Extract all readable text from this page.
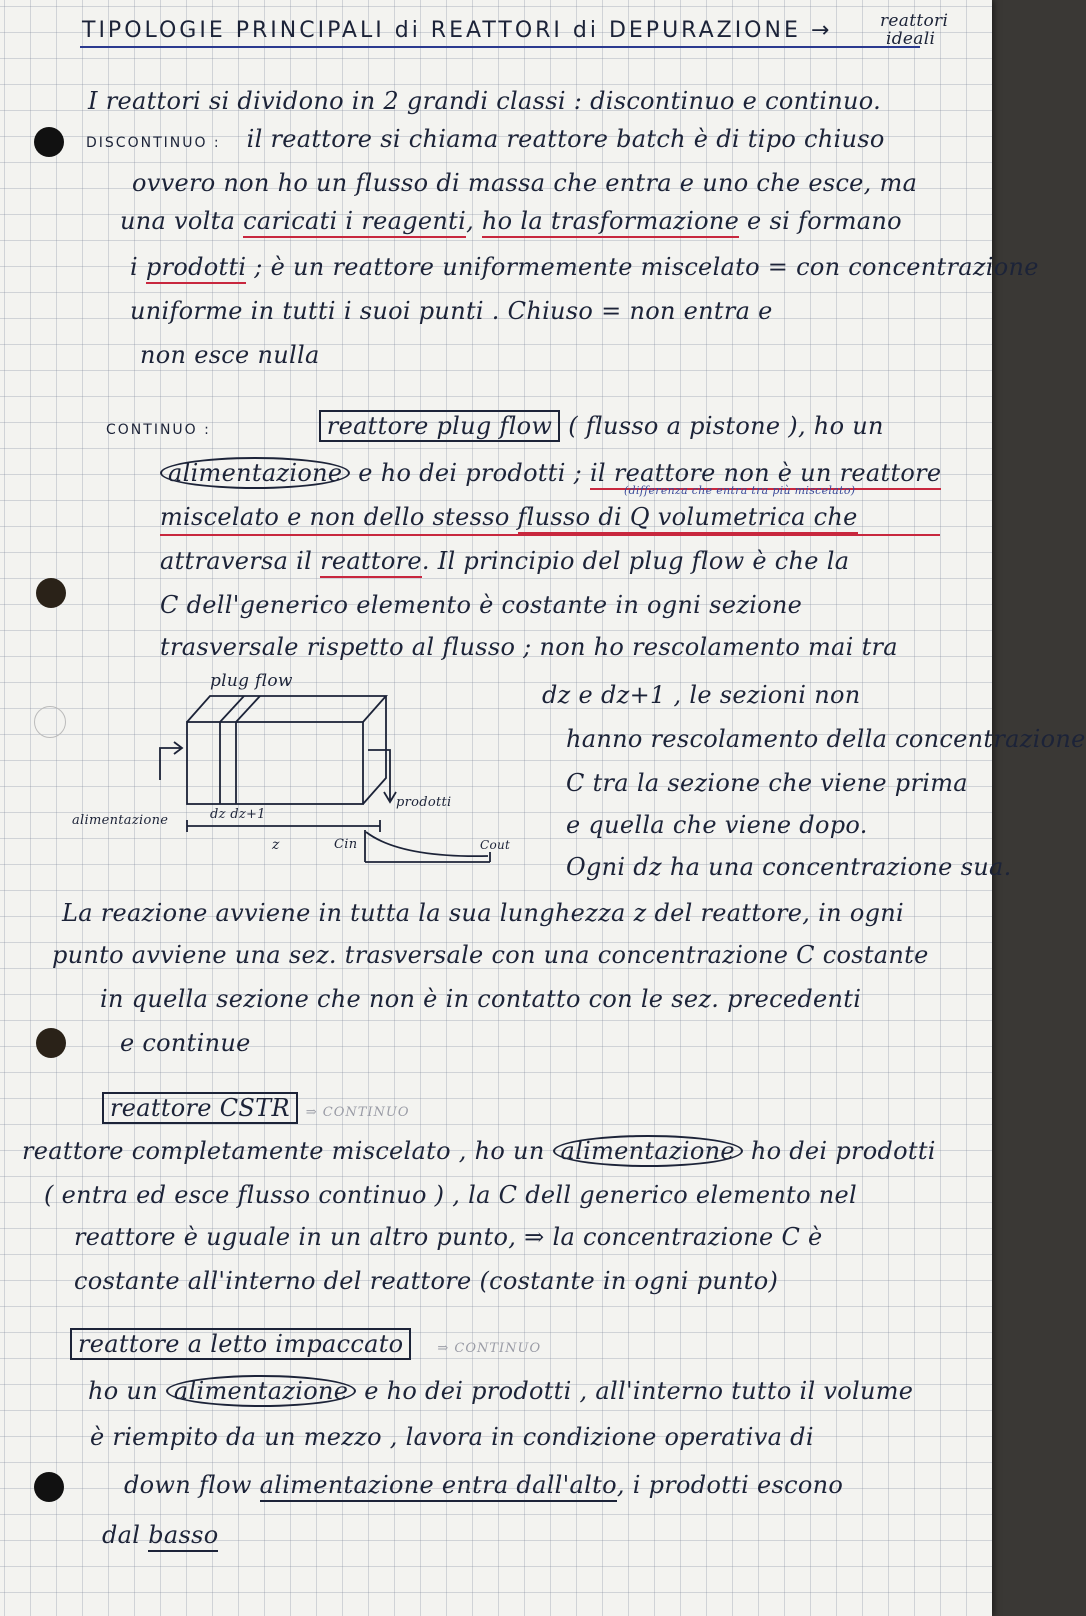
TIPOLOGIE PRINCIPALI di REATTORI di DEPURAZIONE →	reattori
ideali

I reattori si dividono in 2 grandi classi : discontinuo e continuo.

DISCONTINUO : il reattore si chiama reattore batch è di tipo chiuso

ovvero non ho un flusso di massa che entra e uno che esce, ma

una volta caricati i reagenti, ho la trasformazione e si formano

i prodotti ; è un reattore uniformemente miscelato = con concentrazione

uniforme in tutti i suoi punti . Chiuso = non entra e

non esce nulla

CONTINUO :	reattore plug flow ( flusso a pistone ), ho un

alimentazione e ho dei prodotti ; il reattore non è un reattore

(differenza che entra tra più miscelato)

miscelato e non dello stesso flusso di Q volumetrica che

attraversa il reattore. Il principio del plug flow è che la

C dell'generico elemento è costante in ogni sezione

trasversale rispetto al flusso ; non ho rescolamento mai tra

dz e dz+1 , le sezioni non

hanno rescolamento della concentrazione

C tra la sezione che viene prima

e quella che viene dopo.

Ogni dz ha una concentrazione sua.

plug flow
alimentazione
prodotti
dz dz+1
z	Cin	Cout

La reazione avviene in tutta la sua lunghezza z del reattore, in ogni

punto avviene una sez. trasversale con una concentrazione C costante

in quella sezione che non è in contatto con le sez. precedenti

e continue

reattore CSTR ⇒ CONTINUO

reattore completamente miscelato , ho un alimentazione ho dei prodotti

( entra ed esce flusso continuo ) , la C dell generico elemento nel

reattore è uguale in un altro punto, ⇒ la concentrazione C è

costante all'interno del reattore (costante in ogni punto)

reattore a letto impaccato	⇒ CONTINUO

ho un alimentazione e ho dei prodotti , all'interno tutto il volume

è riempito da un mezzo , lavora in condizione operativa di

down flow alimentazione entra dall'alto, i prodotti escono

dal basso
